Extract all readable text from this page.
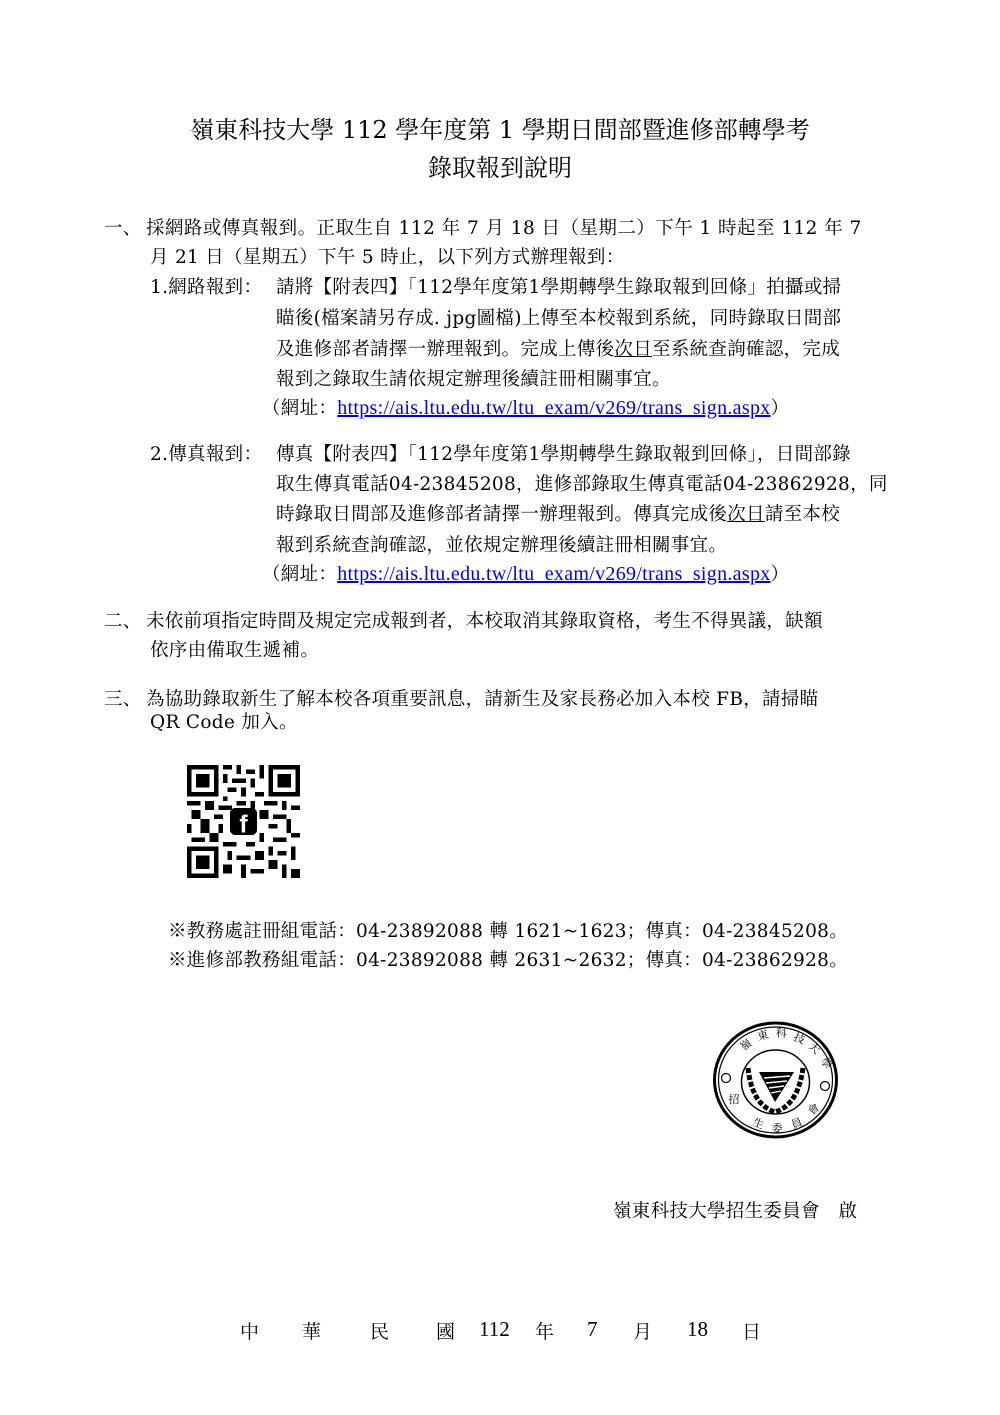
嶺東科技大學 112 學年度第 1 學期日間部暨進修部轉學考
錄取報到說明
一、 採網路或傳真報到。正取生自 112 年 7 月 18 日（星期二）下午 1 時起至 112 年 7
月 21 日（星期五）下午 5 時止，以下列方式辦理報到：
1.網路報到： 請將【附表四】「112學年度第1學期轉學生錄取報到回條」拍攝或掃
瞄後(檔案請另存成. jpg圖檔)上傳至本校報到系統，同時錄取日間部
及進修部者請擇一辦理報到。完成上傳後次日至系統查詢確認，完成
報到之錄取生請依規定辦理後續註冊相關事宜。
（網址：https://ais.ltu.edu.tw/ltu_exam/v269/trans_sign.aspx）
2.傳真報到： 傳真【附表四】「112學年度第1學期轉學生錄取報到回條」，日間部錄
取生傳真電話04-23845208，進修部錄取生傳真電話04-23862928，同
時錄取日間部及進修部者請擇一辦理報到。傳真完成後次日請至本校
報到系統查詢確認，並依規定辦理後續註冊相關事宜。
（網址：https://ais.ltu.edu.tw/ltu_exam/v269/trans_sign.aspx）
二、 未依前項指定時間及規定完成報到者，本校取消其錄取資格，考生不得異議，缺額
依序由備取生遞補。
三、 為協助錄取新生了解本校各項重要訊息，請新生及家長務必加入本校 FB，請掃瞄
QR Code 加入。
f
※教務處註冊組電話：04-23892088 轉 1621~1623；傳真：04-23845208。
※進修部教務組電話：04-23892088 轉 2631~2632；傳真：04-23862928。
嶺
東 科 技
大
學
招
生 委 員
會
嶺東科技大學招生委員會　啟
中 華	民 國 112 年 7 月 18 日
